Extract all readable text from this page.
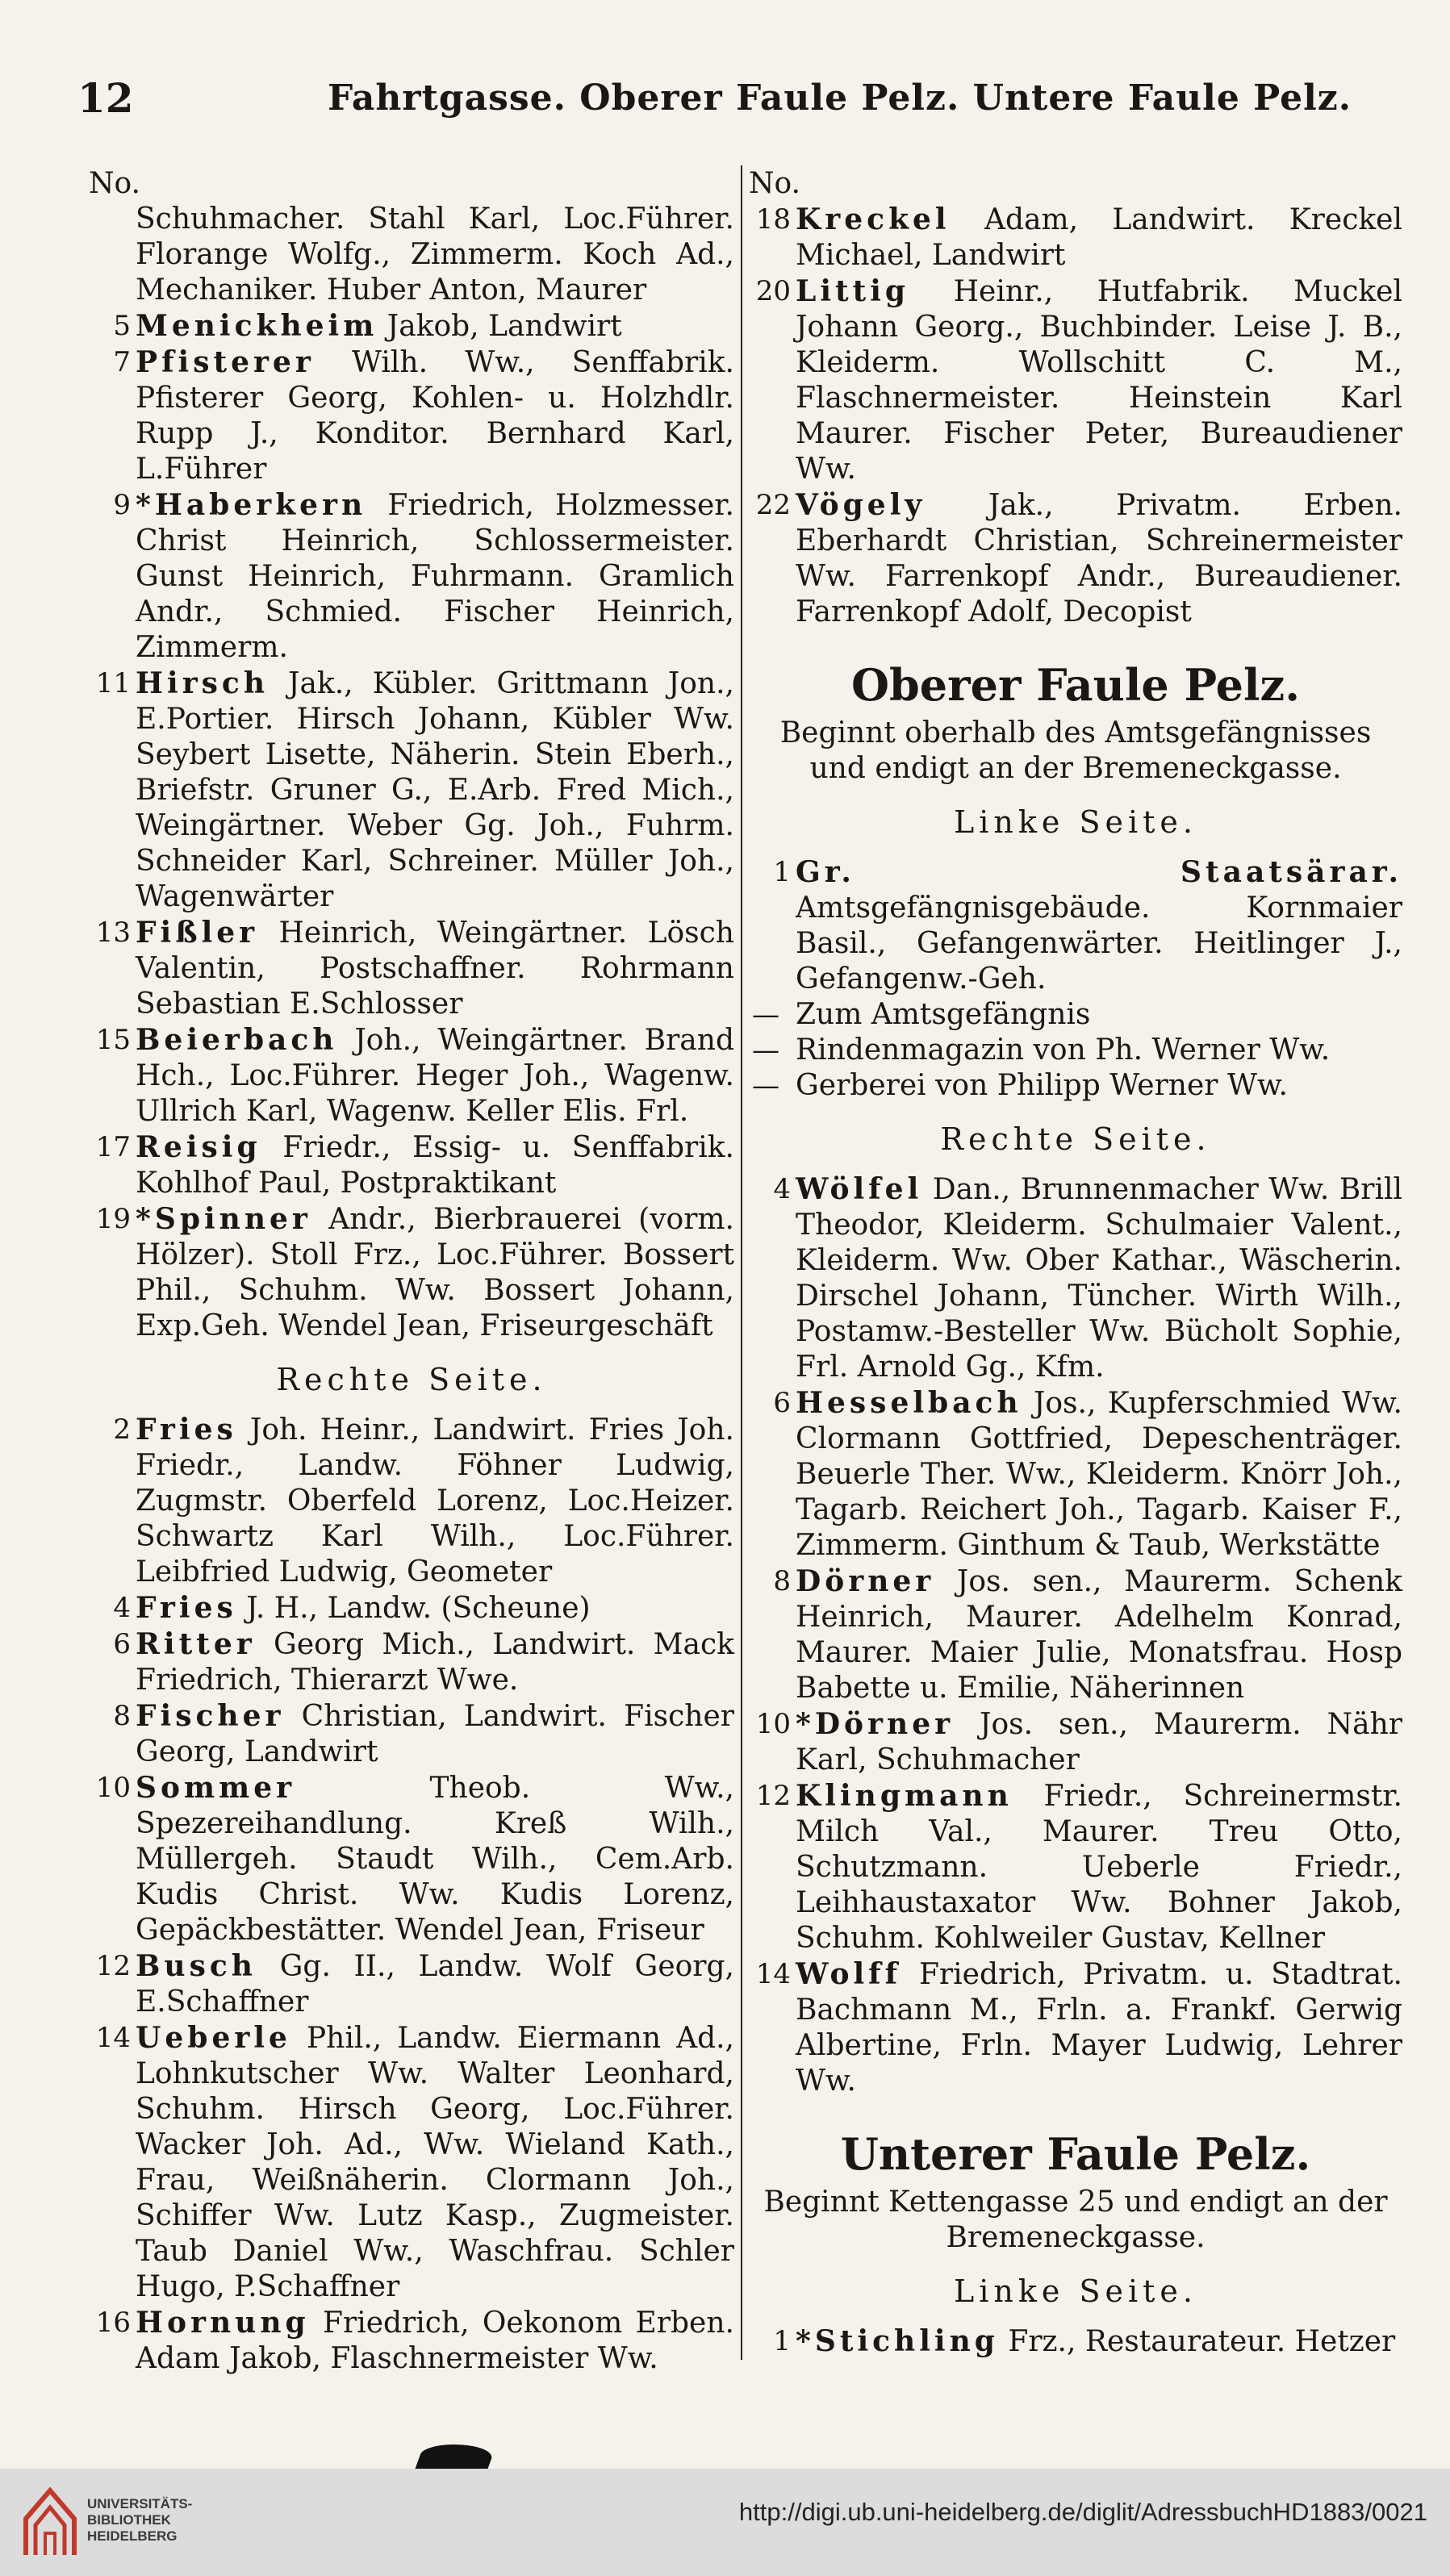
12	Fahrtgasse. Oberer Faule Pelz. Untere Faule Pelz.
No.
Schuhmacher. Stahl Karl, Loc.Führer. Florange Wolfg., Zimmerm. Koch Ad., Mechaniker. Huber Anton, Maurer
5 Menickheim Jakob, Landwirt
7 Pfisterer Wilh. Ww., Senffabrik. Pfisterer Georg, Kohlen- u. Holzhdlr. Rupp J., Konditor. Bernhard Karl, L.Führer
9 *Haberkern Friedrich, Holzmesser. Christ Heinrich, Schlossermeister. Gunst Heinrich, Fuhrmann. Gramlich Andr., Schmied. Fischer Heinrich, Zimmerm.
11 Hirsch Jak., Kübler. Grittmann Jon., E.Portier. Hirsch Johann, Kübler Ww. Seybert Lisette, Näherin. Stein Eberh., Briefstr. Gruner G., E.Arb. Fred Mich., Weingärtner. Weber Gg. Joh., Fuhrm. Schneider Karl, Schreiner. Müller Joh., Wagenwärter
13 Fißler Heinrich, Weingärtner. Lösch Valentin, Postschaffner. Rohrmann Sebastian E.Schlosser
15 Beierbach Joh., Weingärtner. Brand Hch., Loc.Führer. Heger Joh., Wagenw. Ullrich Karl, Wagenw. Keller Elis. Frl.
17 Reisig Friedr., Essig- u. Senffabrik. Kohlhof Paul, Postpraktikant
19 *Spinner Andr., Bierbrauerei (vorm. Hölzer). Stoll Frz., Loc.Führer. Bossert Phil., Schuhm. Ww. Bossert Johann, Exp.Geh. Wendel Jean, Friseurgeschäft
Rechte Seite.
2 Fries Joh. Heinr., Landwirt. Fries Joh. Friedr., Landw. Föhner Ludwig, Zugmstr. Oberfeld Lorenz, Loc.Heizer. Schwartz Karl Wilh., Loc.Führer. Leibfried Ludwig, Geometer
4 Fries J. H., Landw. (Scheune)
6 Ritter Georg Mich., Landwirt. Mack Friedrich, Thierarzt Wwe.
8 Fischer Christian, Landwirt. Fischer Georg, Landwirt
10 Sommer Theob. Ww., Spezereihandlung. Kreß Wilh., Müllergeh. Staudt Wilh., Cem.Arb. Kudis Christ. Ww. Kudis Lorenz, Gepäckbestätter. Wendel Jean, Friseur
12 Busch Gg. II., Landw. Wolf Georg, E.Schaffner
14 Ueberle Phil., Landw. Eiermann Ad., Lohnkutscher Ww. Walter Leonhard, Schuhm. Hirsch Georg, Loc.Führer. Wacker Joh. Ad., Ww. Wieland Kath., Frau, Weißnäherin. Clormann Joh., Schiffer Ww. Lutz Kasp., Zugmeister. Taub Daniel Ww., Waschfrau. Schler Hugo, P.Schaffner
16 Hornung Friedrich, Oekonom Erben. Adam Jakob, Flaschnermeister Ww.
No.
18 Kreckel Adam, Landwirt. Kreckel Michael, Landwirt
20 Littig Heinr., Hutfabrik. Muckel Johann Georg., Buchbinder. Leise J. B., Kleiderm. Wollschitt C. M., Flaschnermeister. Heinstein Karl Maurer. Fischer Peter, Bureaudiener Ww.
22 Vögely Jak., Privatm. Erben. Eberhardt Christian, Schreinermeister Ww. Farrenkopf Andr., Bureaudiener. Farrenkopf Adolf, Decopist
Oberer Faule Pelz.
Beginnt oberhalb des Amtsgefängnisses und endigt an der Bremeneckgasse.
Linke Seite.
1 Gr. Staatsärar. Amtsgefängnisgebäude. Kornmaier Basil., Gefangenwärter. Heitlinger J., Gefangenw.-Geh.
— Zum Amtsgefängnis
— Rindenmagazin von Ph. Werner Ww.
— Gerberei von Philipp Werner Ww.
Rechte Seite.
4 Wölfel Dan., Brunnenmacher Ww. Brill Theodor, Kleiderm. Schulmaier Valent., Kleiderm. Ww. Ober Kathar., Wäscherin. Dirschel Johann, Tüncher. Wirth Wilh., Postamw.-Besteller Ww. Bücholt Sophie, Frl. Arnold Gg., Kfm.
6 Hesselbach Jos., Kupferschmied Ww. Clormann Gottfried, Depeschenträger. Beuerle Ther. Ww., Kleiderm. Knörr Joh., Tagarb. Reichert Joh., Tagarb. Kaiser F., Zimmerm. Ginthum & Taub, Werkstätte
8 Dörner Jos. sen., Maurerm. Schenk Heinrich, Maurer. Adelhelm Konrad, Maurer. Maier Julie, Monatsfrau. Hosp Babette u. Emilie, Näherinnen
10 *Dörner Jos. sen., Maurerm. Nähr Karl, Schuhmacher
12 Klingmann Friedr., Schreinermstr. Milch Val., Maurer. Treu Otto, Schutzmann. Ueberle Friedr., Leihhaustaxator Ww. Bohner Jakob, Schuhm. Kohlweiler Gustav, Kellner
14 Wolff Friedrich, Privatm. u. Stadtrat. Bachmann M., Frln. a. Frankf. Gerwig Albertine, Frln. Mayer Ludwig, Lehrer Ww.
Unterer Faule Pelz.
Beginnt Kettengasse 25 und endigt an der Bremeneckgasse.
Linke Seite.
1 *Stichling Frz., Restaurateur. Hetzer
UNIVERSITÄTS-
BIBLIOTHEK
HEIDELBERG
http://digi.ub.uni-heidelberg.de/diglit/AdressbuchHD1883/0021
